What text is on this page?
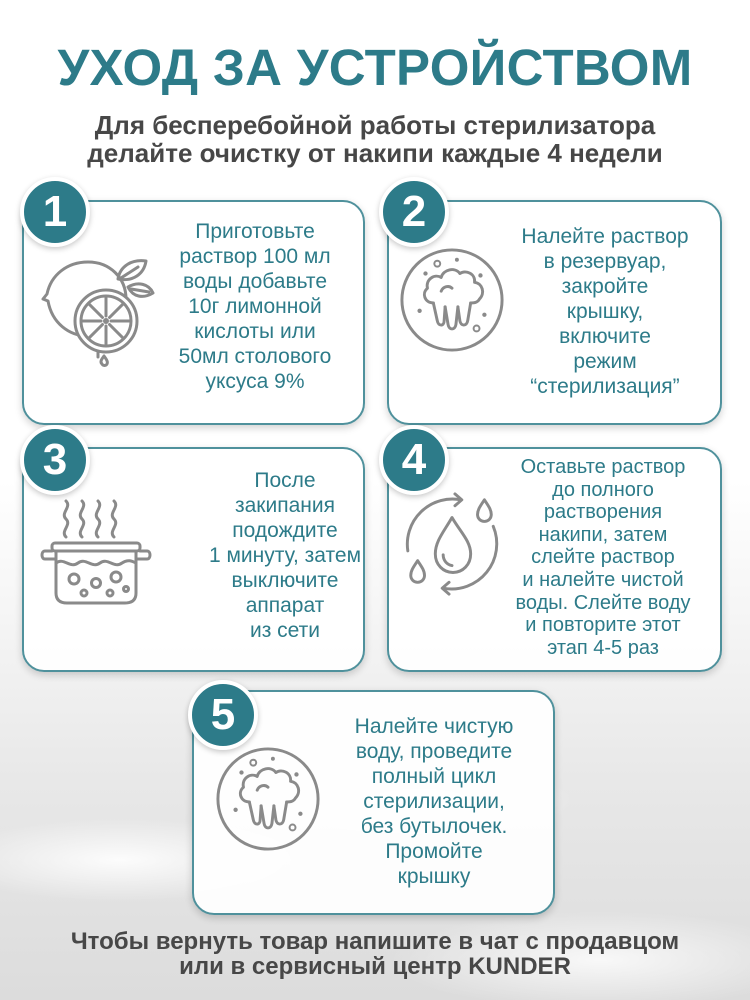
УХОД ЗА УСТРОЙСТВОМ
Для бесперебойной работы стерилизатора
делайте очистку от накипи каждые 4 недели
1	Приготовьте
раствор 100 мл
воды добавьте
10г лимонной
кислоты или
50мл столового
уксуса 9%
2
Налейте раствор
в резервуар,
закройте
крышку,
включите
режим
“стерилизация”
3	После
закипания
подождите
1 минуту, затем
выключите
аппарат
из сети
4	Оставьте раствор
до полного
растворения
накипи, затем
слейте раствор
и налейте чистой
воды. Слейте воду
и повторите этот
этап 4-5 раз
5	Налейте чистую
воду, проведите
полный цикл
стерилизации,
без бутылочек.
Промойте
крышку
Чтобы вернуть товар напишите в чат с продавцом
или в сервисный центр KUNDER
